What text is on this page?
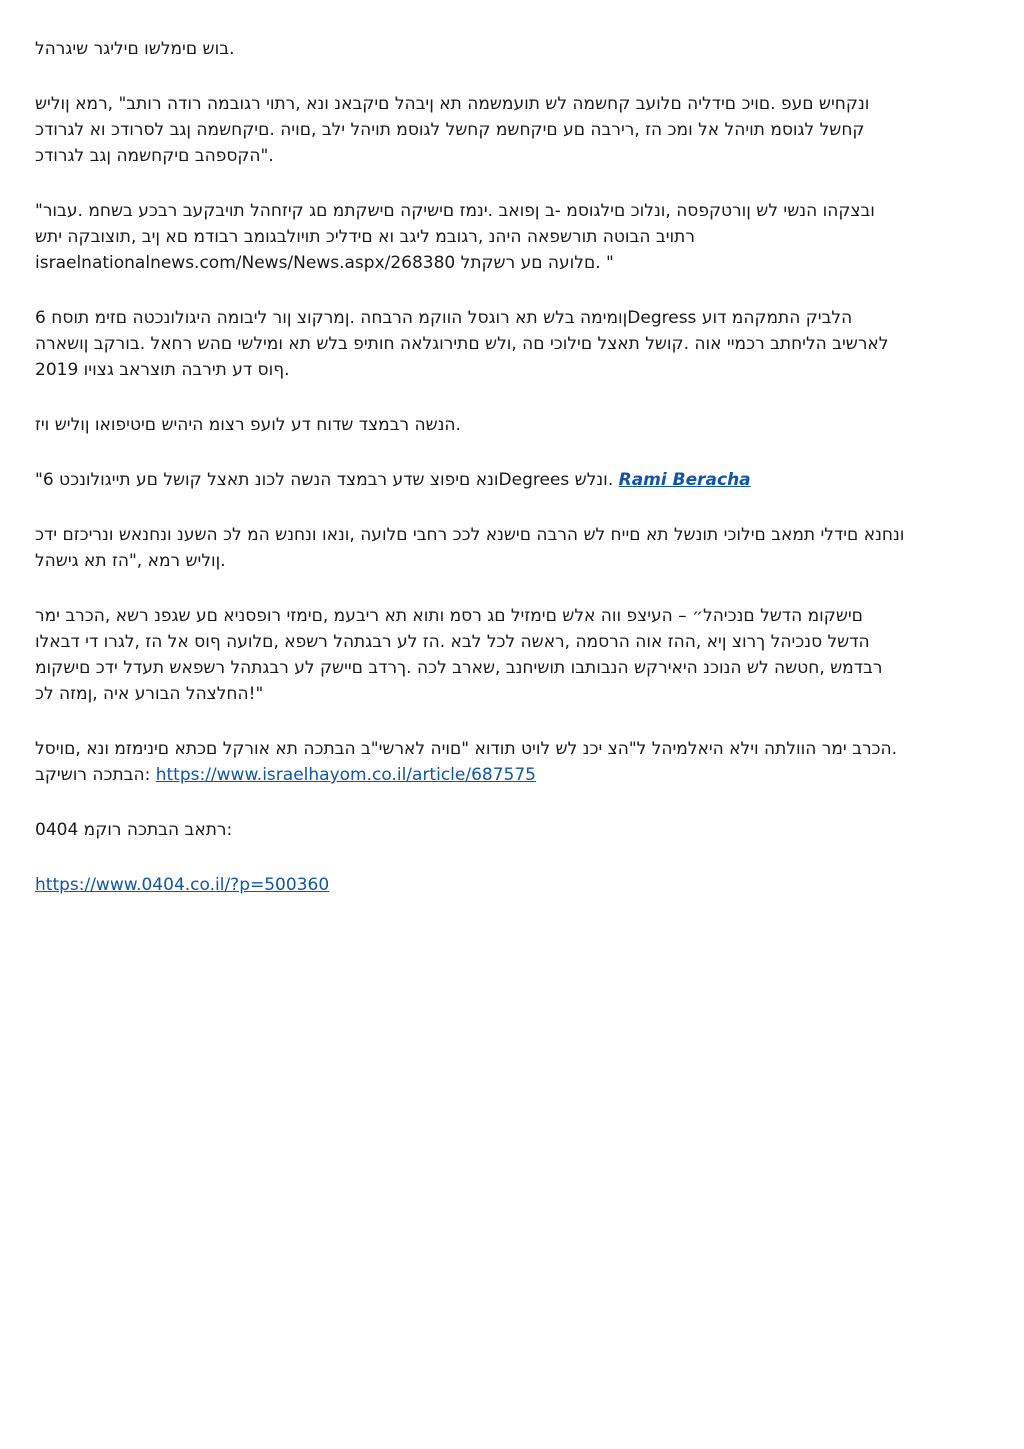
בוש םימלשו םיליגר שיגרהל.

ונקחיש םעפ .םויכ םידליה םלועב קחשמה לש תועמשמה תא ןיבהל םיקבאנ ונא ,רתוי רגובמה רודה רותב" ,רמא ןוליש
קחשל לגוסמ תויהל אל ומכ הז ,רירבה םע םיקחשמ קחשל לגוסמ תויהל ילב ,םויה .םיקחשמה ןגב לסרודכ וא לגרודכ
הקספהב םיקחשמה ןגב לגרודכ".

"ובצקהו הנשי לש ןורטקפסה ,ונלוכ םילגוסמ -ב ןפואב .ינמז םישיקה םישקתמ םג קיזחהל תויבקעב רבכע בשחמ .עבור
רתויב הבוטה תורשפאה היהנ ,רגובמ ליגב וא םידליכ תויולבגומב רבודמ םא ןיב ,תוצובקה יתש
israelnationalnews.com/News/News.aspx/268380 םלועה םע רשקתל. "

ןומימה בלש תא רוגסל הווקמ הרבחה .ןמרקוצ ןור ליבומה היגולונכטה םזימ תוסח 6Degress הלביק התמקהמ דוע
לארשיב הליחתב רכמיי אוה .קושל תאצל םילוכי םה ,ולש םתירוגלאה חותיפ בלש תא ומילשי םהש רחאל .בורקב ןושארה
2019 ףוס דע תירבה תוצראב גצויו.

הנשה רבמצד שדוח דע לועפ רצומ היהיש םיטיפואו ןוליש ויז.

"ונא םיפוצ שדע רבמצד הנשה לכונ תאצל קושל םע תייגולונכט 6Degrees ונלש. Rami Beracha

ונחנא םידלי תמאב םילוכי תונשל תא םייח לש הרבה םישנא לככ רחבי םלועה ,ונאו ונחנש המ לכ השענ ונחנאש ונריכזם ידכ
ןוליש רמא ,"הז תא גישהל.

םישקומ הדשל םנכיהל״ – העיצפ ווה אלש םימזיל םג רסמ ותוא תא ריבעמ ,םימזי רופסניא םע שגפנ רשא ,הכרב ימר
הדשל סנכיהל ךרוצ ןיא ,ההז אוה הרסמה ,ראשה לכל לבא .הז לע רבגתהל רשפא ,םלועה ףוס אל הז ,לגרו די דבאלו
רבדמש ,חטשה לש הנוכנ היאירקש הנבותבו תושיחנב ,שארב לכה .ךרדב םיישק לע רבגתהל רשפאש תעדל ידכ םישקומ
החלצהל הבורע איה ,ןמזה לכ!"

הכרב ימר הוולתה וילא היאלמיהל ל"הצ יכנ לש לויט תודוא "םויה לארשי"ב הבתכה תא אורקל םכתא םינימזמ ונא ,םויסל.
הבתכה רושיקב: https://www.israelhayom.co.il/article/687575

0404 רתאב הבתכה רוקמ:

https://www.0404.co.il/?p=500360
